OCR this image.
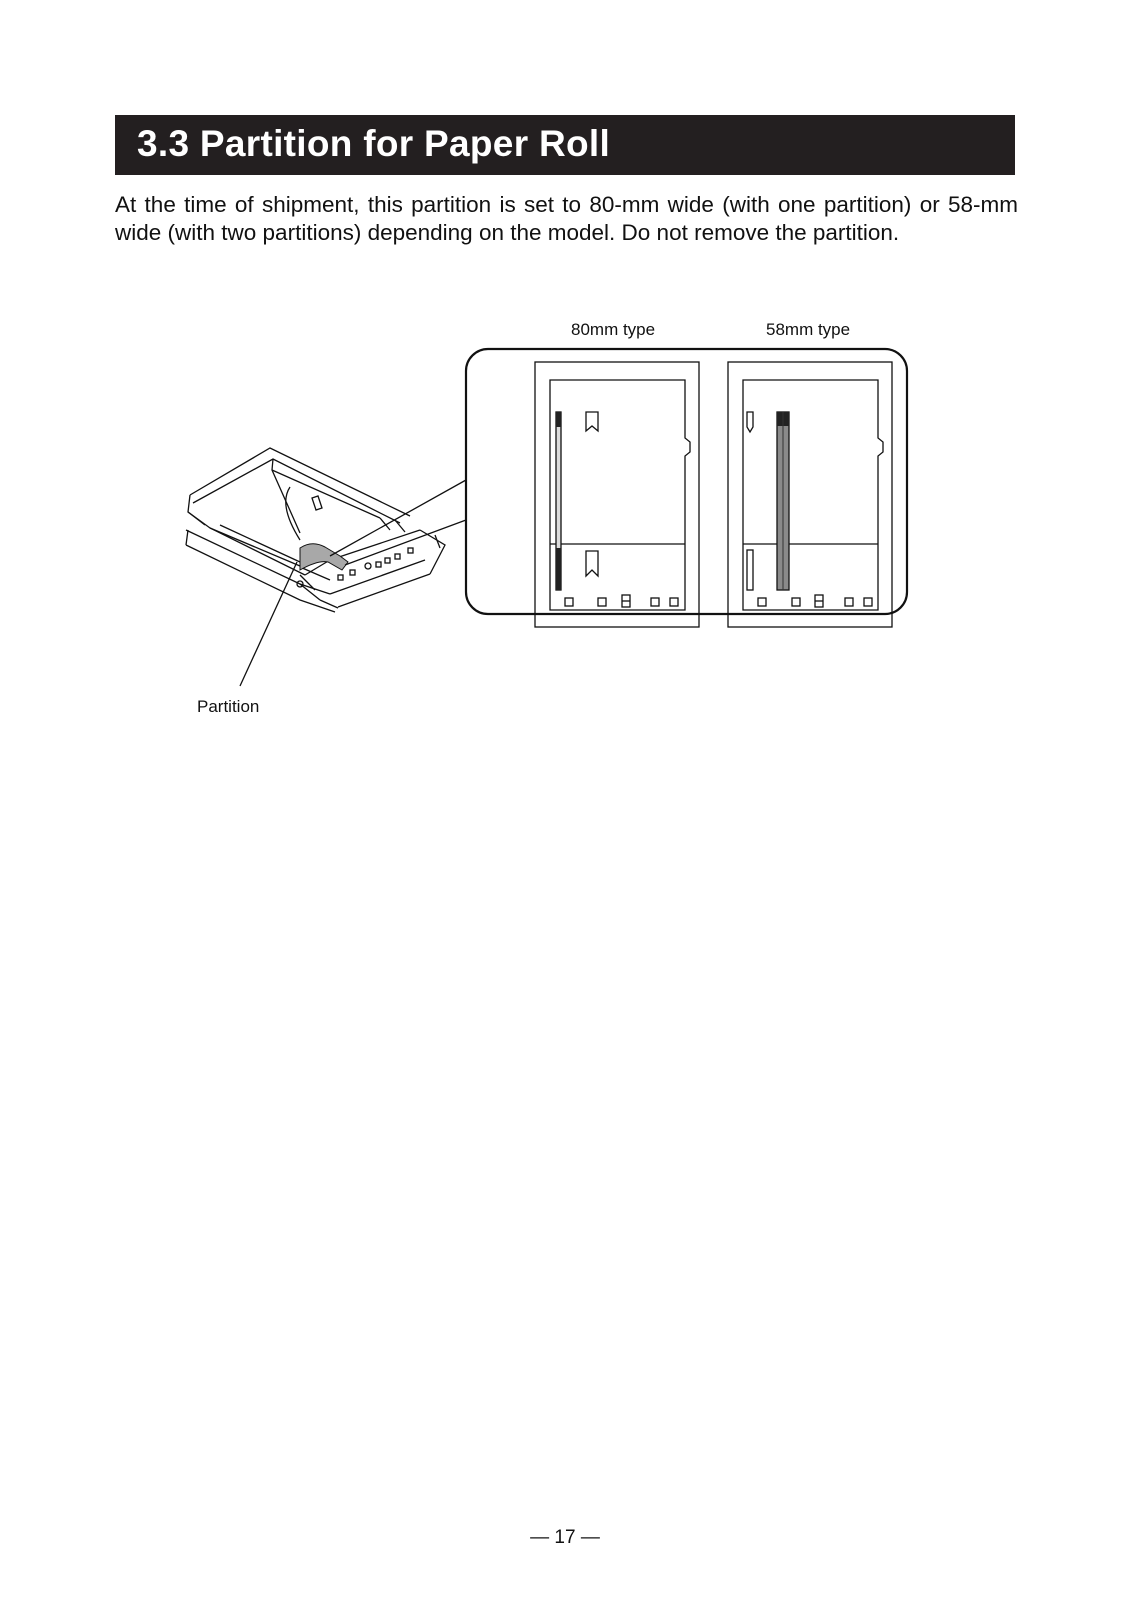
3.3 Partition for Paper Roll

At the time of shipment, this partition is set to 80-mm wide (with one partition) or 58-mm wide (with two partitions) depending on the model. Do not remove the partition.

80mm type	58mm type
Partition
— 17 —
